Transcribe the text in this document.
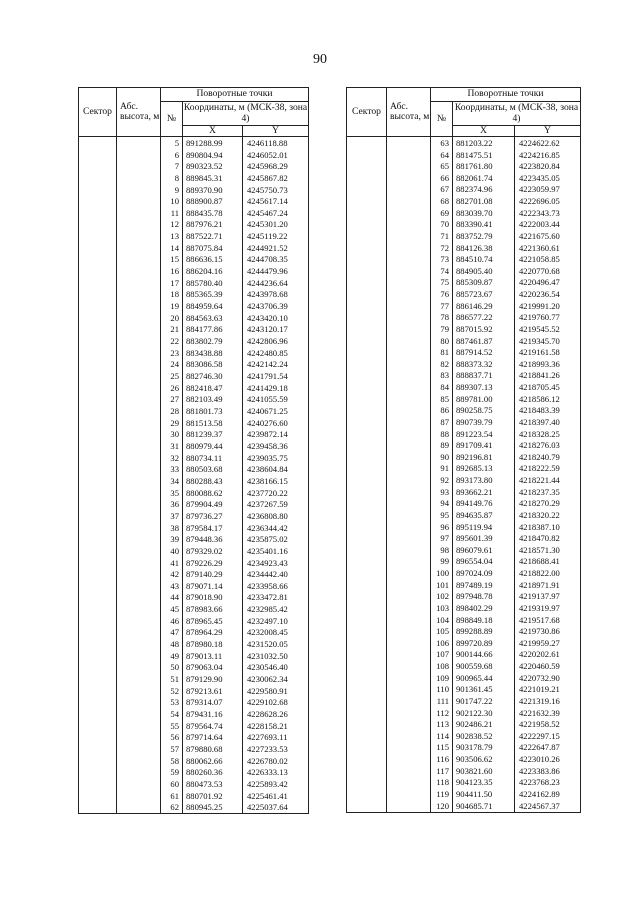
90
Сектор	Абс. высота, м	Поворотные точки		
		№	Координаты, м (МСК-38, зона 4)	
			X	Y
		5	891288.99	4246118.88
		6	890804.94	4246052.01
		7	890323.52	4245968.29
		8	889845.31	4245867.82
		9	889370.90	4245750.73
		10	888900.87	4245617.14
		11	888435.78	4245467.24
		12	887976.21	4245301.20
		13	887522.71	4245119.22
		14	887075.84	4244921.52
		15	886636.15	4244708.35
		16	886204.16	4244479.96
		17	885780.40	4244236.64
		18	885365.39	4243978.68
		19	884959.64	4243706.39
		20	884563.63	4243420.10
		21	884177.86	4243120.17
		22	883802.79	4242806.96
		23	883438.88	4242480.85
		24	883086.58	4242142.24
		25	882746.30	4241791.54
		26	882418.47	4241429.18
		27	882103.49	4241055.59
		28	881801.73	4240671.25
		29	881513.58	4240276.60
		30	881239.37	4239872.14
		31	880979.44	4239458.36
		32	880734.11	4239035.75
		33	880503.68	4238604.84
		34	880288.43	4238166.15
		35	880088.62	4237720.22
		36	879904.49	4237267.59
		37	879736.27	4236808.80
		38	879584.17	4236344.42
		39	879448.36	4235875.02
		40	879329.02	4235401.16
		41	879226.29	4234923.43
		42	879140.29	4234442.40
		43	879071.14	4233958.66
		44	879018.90	4233472.81
		45	878983.66	4232985.42
		46	878965.45	4232497.10
		47	878964.29	4232008.45
		48	878980.18	4231520.05
		49	879013.11	4231032.50
		50	879063.04	4230546.40
		51	879129.90	4230062.34
		52	879213.61	4229580.91
		53	879314.07	4229102.68
		54	879431.16	4228628.26
		55	879564.74	4228158.21
		56	879714.64	4227693.11
		57	879880.68	4227233.53
		58	880062.66	4226780.02
		59	880260.36	4226333.13
		60	880473.53	4225893.42
		61	880701.92	4225461.41
		62	880945.25	4225037.64
Сектор	Абс. высота, м	Поворотные точки		
		№	Координаты, м (МСК-38, зона 4)	
			X	Y
		63	881203.22	4224622.62
		64	881475.51	4224216.85
		65	881761.80	4223820.84
		66	882061.74	4223435.05
		67	882374.96	4223059.97
		68	882701.08	4222696.05
		69	883039.70	4222343.73
		70	883390.41	4222003.44
		71	883752.79	4221675.60
		72	884126.38	4221360.61
		73	884510.74	4221058.85
		74	884905.40	4220770.68
		75	885309.87	4220496.47
		76	885723.67	4220236.54
		77	886146.29	4219991.20
		78	886577.22	4219760.77
		79	887015.92	4219545.52
		80	887461.87	4219345.70
		81	887914.52	4219161.58
		82	888373.32	4218993.36
		83	888837.71	4218841.26
		84	889307.13	4218705.45
		85	889781.00	4218586.12
		86	890258.75	4218483.39
		87	890739.79	4218397.40
		88	891223.54	4218328.25
		89	891709.41	4218276.03
		90	892196.81	4218240.79
		91	892685.13	4218222.59
		92	893173.80	4218221.44
		93	893662.21	4218237.35
		94	894149.76	4218270.29
		95	894635.87	4218320.22
		96	895119.94	4218387.10
		97	895601.39	4218470.82
		98	896079.61	4218571.30
		99	896554.04	4218688.41
		100	897024.09	4218822.00
		101	897489.19	4218971.91
		102	897948.78	4219137.97
		103	898402.29	4219319.97
		104	898849.18	4219517.68
		105	899288.89	4219730.86
		106	899720.89	4219959.27
		107	900144.66	4220202.61
		108	900559.68	4220460.59
		109	900965.44	4220732.90
		110	901361.45	4221019.21
		111	901747.22	4221319.16
		112	902122.30	4221632.39
		113	902486.21	4221958.52
		114	902838.52	4222297.15
		115	903178.79	4222647.87
		116	903506.62	4223010.26
		117	903821.60	4223383.86
		118	904123.35	4223768.23
		119	904411.50	4224162.89
		120	904685.71	4224567.37
